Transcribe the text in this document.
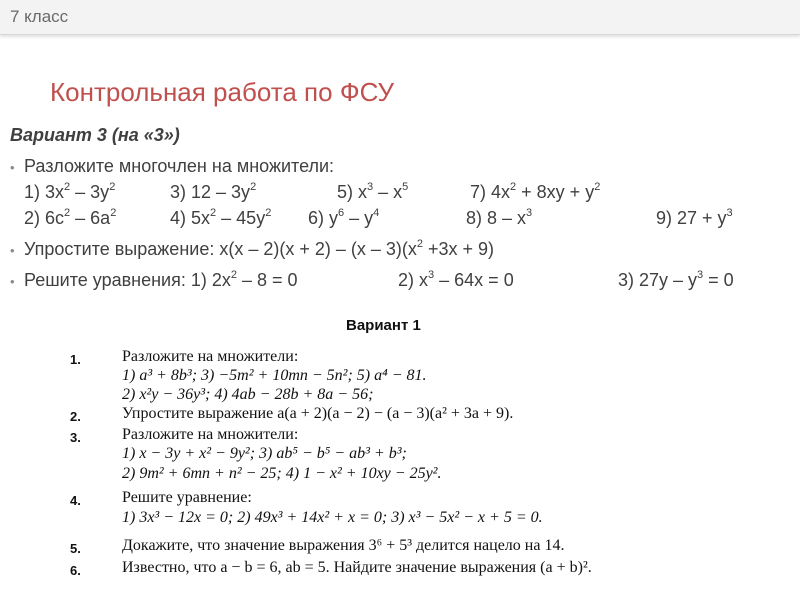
7 класс
Контрольная работа по ФСУ
Вариант 3 (на «3»)
• Разложите многочлен на множители:
1) $3x^2 - 3y^2$	3) $12 - 3y^2$	5) $x^3 - x^5$	7) $4x^2 + 8xy + y^2$
2) $6c^2 - 6a^2$	4) $5x^2 - 45y^2$ 6) $y^6 - y^4$	8) $8 - x^3$	9) $27 + y^3$
• Упростите выражение: $x(x - 2)(x + 2) - (x - 3)(x^2 +3x + 9)$
• Решите уравнения: 1) $2x^2 - 8 = 0$	2) $x^3 - 64x = 0$	3) $27y - y^3 = 0$
Вариант 1
1.	Разложите на множители:
1) a³ + 8b³; 3) −5m² + 10mn − 5n²; 5) a⁴ − 81.
2) x²y − 36y³; 4) 4ab − 28b + 8a − 56;
2.	Упростите выражение a(a + 2)(a − 2) − (a − 3)(a² + 3a + 9).
3.	Разложите на множители:
1) x − 3y + x² − 9y²; 3) ab⁵ − b⁵ − ab³ + b³;
2) 9m² + 6mn + n² − 25; 4) 1 − x² + 10xy − 25y².
4.	Решите уравнение:
1) 3x³ − 12x = 0; 2) 49x³ + 14x² + x = 0; 3) x³ − 5x² − x + 5 = 0.
5.	Докажите, что значение выражения 3⁶ + 5³ делится нацело на 14.
6.	Известно, что a − b = 6, ab = 5. Найдите значение выражения (a + b)².
